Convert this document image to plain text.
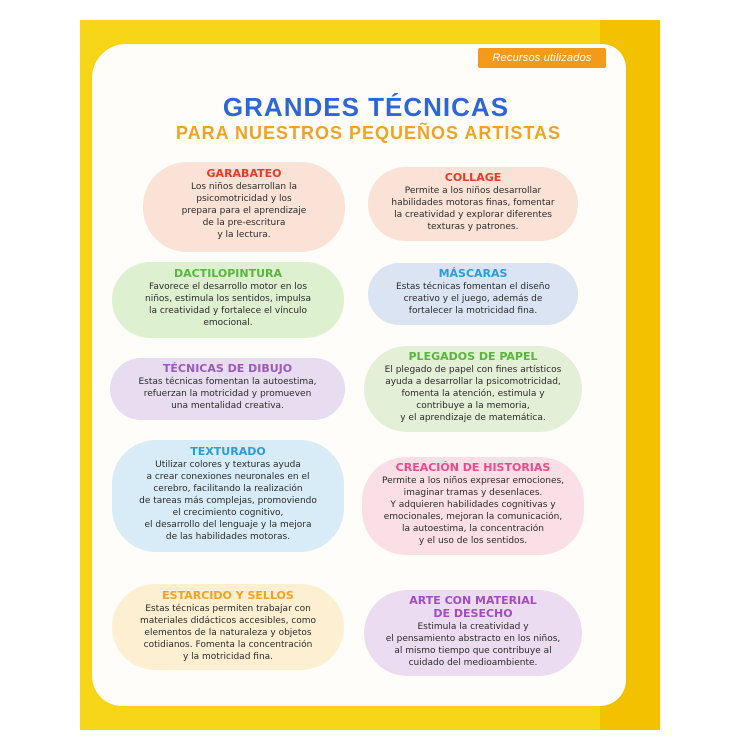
Recursos utilizados
GRANDES TÉCNICAS
PARA NUESTROS PEQUEÑOS ARTISTAS
GARABATEO
Los niños desarrollan la
psicomotricidad y los
prepara para el aprendizaje
de la pre-escritura
y la lectura.
DACTILOPINTURA
Favorece el desarrollo motor en los
niños, estimula los sentidos, impulsa
la creatividad y fortalece el vínculo
emocional.
TÉCNICAS DE DIBUJO
Estas técnicas fomentan la autoestima,
refuerzan la motricidad y promueven
una mentalidad creativa.
TEXTURADO
Utilizar colores y texturas ayuda
a crear conexiones neuronales en el
cerebro, facilitando la realización
de tareas más complejas, promoviendo
el crecimiento cognitivo,
el desarrollo del lenguaje y la mejora
de las habilidades motoras.
ESTARCIDO Y SELLOS
Estas técnicas permiten trabajar con
materiales didácticos accesibles, como
elementos de la naturaleza y objetos
cotidianos. Fomenta la concentración
y la motricidad fina.
COLLAGE
Permite a los niños desarrollar
habilidades motoras finas, fomentar
la creatividad y explorar diferentes
texturas y patrones.
MÁSCARAS
Estas técnicas fomentan el diseño
creativo y el juego, además de
fortalecer la motricidad fina.
PLEGADOS DE PAPEL
El plegado de papel con fines artísticos
ayuda a desarrollar la psicomotricidad,
fomenta la atención, estimula y
contribuye a la memoria,
y el aprendizaje de matemática.
CREACIÓN DE HISTORIAS
Permite a los niños expresar emociones,
imaginar tramas y desenlaces.
Y adquieren habilidades cognitivas y
emocionales, mejoran la comunicación,
la autoestima, la concentración
y el uso de los sentidos.
ARTE CON MATERIAL
DE DESECHO
Estimula la creatividad y
el pensamiento abstracto en los niños,
al mismo tiempo que contribuye al
cuidado del medioambiente.
